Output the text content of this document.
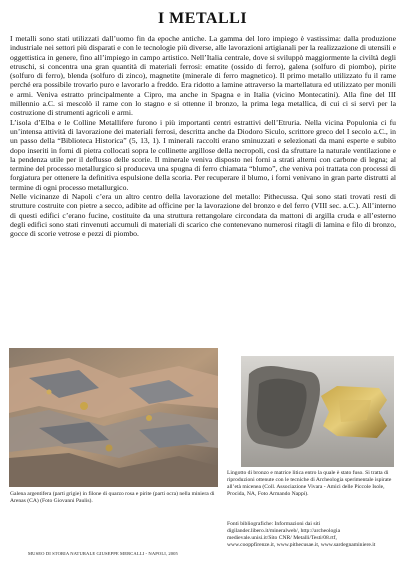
I METALLI

I metalli sono stati utilizzati dall’uomo fin da epoche antiche. La gamma del loro impiego è vastissima: dalla produzione industriale nei settori più disparati e con le tecnologie più diverse, alle lavorazioni artigianali per la realizzazione di utensili e oggettistica in genere, fino all’impiego in campo artistico. Nell’Italia centrale, dove si sviluppò maggiormente la civiltà degli etruschi, si concentra una gran quantità di materiali ferrosi: ematite (ossido di ferro), galena (solfuro di piombo), pirite (solfuro di ferro), blenda (solfuro di zinco), magnetite (minerale di ferro magnetico). Il primo metallo utilizzato fu il rame perché era possibile trovarlo puro e lavorarlo a freddo. Era ridotto a lamine attraverso la martellatura ed utilizzato per monili e armi. Veniva estratto principalmente a Cipro, ma anche in Spagna e in Italia (vicino Montecatini). Alla fine del III millennio a.C. si mescolò il rame con lo stagno e si ottenne il bronzo, la prima lega metallica, di cui ci si servì per la costruzione di strumenti agricoli e armi.

L’isola d’Elba e le Colline Metallifere furono i più importanti centri estrattivi dell’Etruria. Nella vicina Populonia ci fu un’intensa attività di lavorazione dei materiali ferrosi, descritta anche da Diodoro Siculo, scrittore greco del I secolo a.C., in un passo della “Biblioteca Historica” (5, 13, 1). I minerali raccolti erano sminuzzati e selezionati da mani esperte e subito dopo inseriti in forni di pietra collocati sopra le collinette argillose della necropoli, così da sfruttare la naturale ventilazione e la pendenza utile per il deflusso delle scorie. Il minerale veniva disposto nei forni a strati alterni con carbone di legna; al termine del processo metallurgico si produceva una spugna di ferro chiamata “blumo”, che veniva poi trattata con processi di forgiatura per ottenere la definitiva espulsione della scoria. Per recuperare il blumo, i forni venivano in gran parte distrutti al termine di ogni processo metallurgico.

Nelle vicinanze di Napoli c’era un altro centro della lavorazione del metallo: Pithecussa. Qui sono stati trovati resti di strutture costruite con pietre a secco, adibite ad officine per la lavorazione del bronzo e del ferro (VIII sec. a.C.). All’interno di questi edifici c’erano fucine, costituite da una struttura rettangolare circondata da mattoni di argilla cruda e all’esterno degli edifici sono stati rinvenuti accumuli di materiali di scarico che contenevano numerosi ritagli di lamina e filo di bronzo, gocce di scorie vetrose e pezzi di piombo.

Galena argentifera (parti grigie) in filone di quarzo rosa e pirite (parti ocra) nella miniera di Arenas (CA) (Foto Giovanni Paulis).
Lingotto di bronzo e matrice litica entro la quale è stato fuso. Si tratta di riproduzioni ottenute con le tecniche di Archeologia sperimentale ispirate all’età micenea (Coll. Associazione Vivara - Amici delle Piccole Isole, Procida, NA, Foto Armando Nappi).
Fonti bibliografiche: Informazioni dai siti
digilander.libero.it/mineralweb/, http://archeologia
medievale.unisi.it/Sito CNR/ Metalli/Testi/08.rtf,
www.cooppfirenze.it, www.pithecusae.it, www.sardegnaminiere.it
MUSEO DI STORIA NATURALE GIUSEPPE MERCALLI - NAPOLI, 2005
